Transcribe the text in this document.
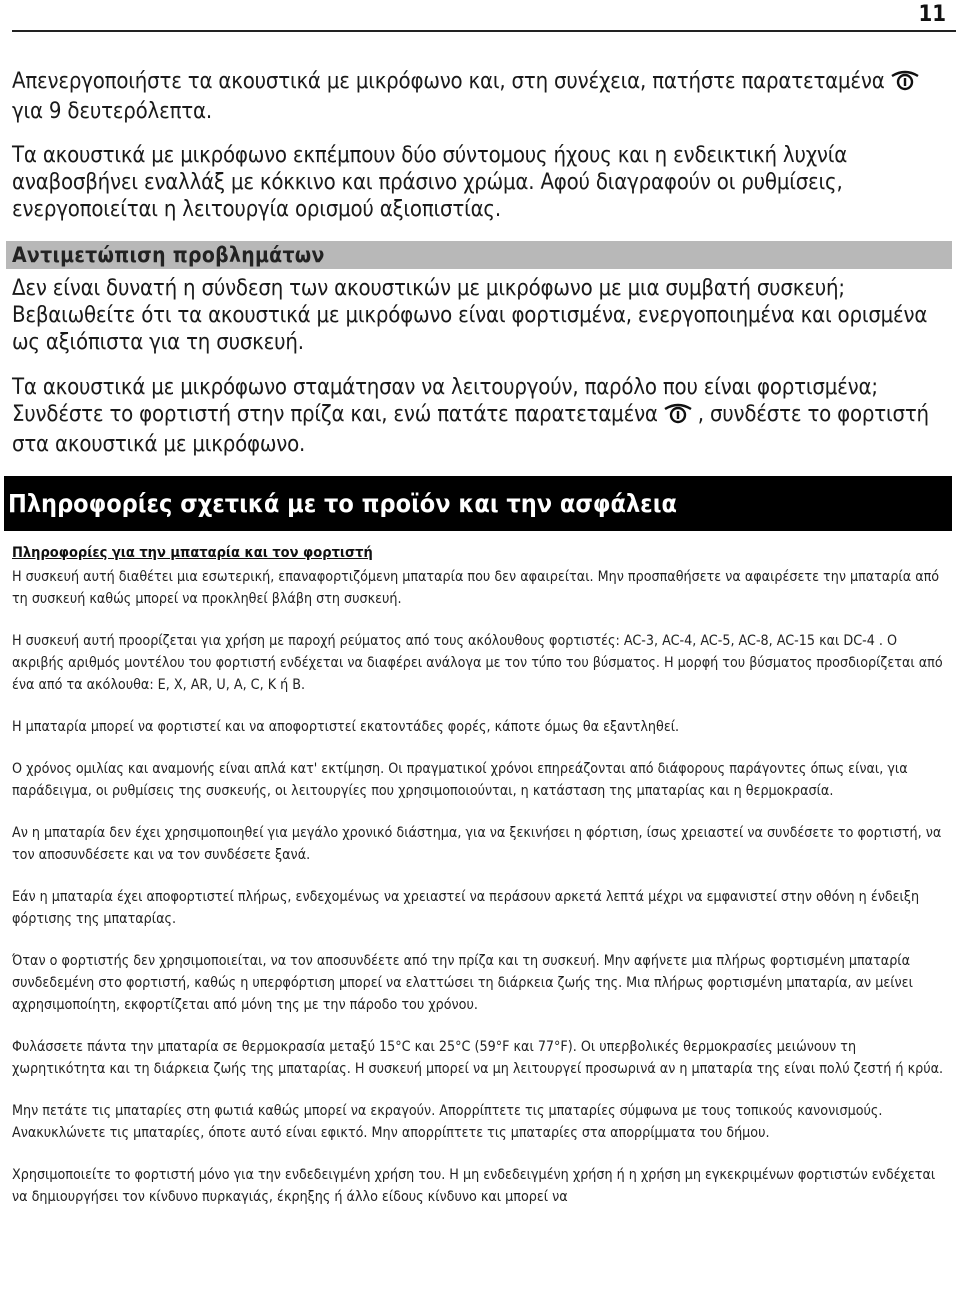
11

Απενεργοποιήστε τα ακουστικά με μικρόφωνο και, στη συνέχεια, πατήστε παρατεταμέναγια 9 δευτερόλεπτα.

Τα ακουστικά με μικρόφωνο εκπέμπουν δύο σύντομους ήχους και η ενδεικτική λυχνία αναβοσβήνει εναλλάξ με κόκκινο και πράσινο χρώμα. Αφού διαγραφούν οι ρυθμίσεις, ενεργοποιείται η λειτουργία ορισμού αξιοπιστίας.

Αντιμετώπιση προβλημάτων

Δεν είναι δυνατή η σύνδεση των ακουστικών με μικρόφωνο με μια συμβατή συσκευή; Βεβαιωθείτε ότι τα ακουστικά με μικρόφωνο είναι φορτισμένα, ενεργοποιημένα και ορισμένα ως αξιόπιστα για τη συσκευή.

Τα ακουστικά με μικρόφωνο σταμάτησαν να λειτουργούν, παρόλο που είναι φορτισμένα; Συνδέστε το φορτιστή στην πρίζα και, ενώ πατάτε παρατεταμένα , συνδέστε το φορτιστή στα ακουστικά με μικρόφωνο.

Πληροφορίες σχετικά με το προϊόν και την ασφάλεια
Πληροφορίες για την μπαταρία και τον φορτιστή

Η συσκευή αυτή διαθέτει μια εσωτερική, επαναφορτιζόμενη μπαταρία που δεν αφαιρείται. Μην προσπαθήσετε να αφαιρέσετε την μπαταρία από τη συσκευή καθώς μπορεί να προκληθεί βλάβη στη συσκευή.

Η συσκευή αυτή προορίζεται για χρήση με παροχή ρεύματος από τους ακόλουθους φορτιστές: AC-3, AC-4, AC-5, AC-8, AC-15 και DC-4 . Ο ακριβής αριθμός μοντέλου του φορτιστή ενδέχεται να διαφέρει ανάλογα με τον τύπο του βύσματος. Η μορφή του βύσματος προσδιορίζεται από ένα από τα ακόλουθα: E, X, AR, U, A, C, K ή B.

Η μπαταρία μπορεί να φορτιστεί και να αποφορτιστεί εκατοντάδες φορές, κάποτε όμως θα εξαντληθεί.

Ο χρόνος ομιλίας και αναμονής είναι απλά κατ' εκτίμηση. Οι πραγματικοί χρόνοι επηρεάζονται από διάφορους παράγοντες όπως είναι, για παράδειγμα, οι ρυθμίσεις της συσκευής, οι λειτουργίες που χρησιμοποιούνται, η κατάσταση της μπαταρίας και η θερμοκρασία.

Αν η μπαταρία δεν έχει χρησιμοποιηθεί για μεγάλο χρονικό διάστημα, για να ξεκινήσει η φόρτιση, ίσως χρειαστεί να συνδέσετε το φορτιστή, να τον αποσυνδέσετε και να τον συνδέσετε ξανά.

Εάν η μπαταρία έχει αποφορτιστεί πλήρως, ενδεχομένως να χρειαστεί να περάσουν αρκετά λεπτά μέχρι να εμφανιστεί στην οθόνη η ένδειξη φόρτισης της μπαταρίας.

Όταν ο φορτιστής δεν χρησιμοποιείται, να τον αποσυνδέετε από την πρίζα και τη συσκευή. Μην αφήνετε μια πλήρως φορτισμένη μπαταρία συνδεδεμένη στο φορτιστή, καθώς η υπερφόρτιση μπορεί να ελαττώσει τη διάρκεια ζωής της. Μια πλήρως φορτισμένη μπαταρία, αν μείνει αχρησιμοποίητη, εκφορτίζεται από μόνη της με την πάροδο του χρόνου.

Φυλάσσετε πάντα την μπαταρία σε θερμοκρασία μεταξύ 15°C και 25°C (59°F και 77°F). Οι υπερβολικές θερμοκρασίες μειώνουν τη χωρητικότητα και τη διάρκεια ζωής της μπαταρίας. Η συσκευή μπορεί να μη λειτουργεί προσωρινά αν η μπαταρία της είναι πολύ ζεστή ή κρύα.

Μην πετάτε τις μπαταρίες στη φωτιά καθώς μπορεί να εκραγούν. Απορρίπτετε τις μπαταρίες σύμφωνα με τους τοπικούς κανονισμούς. Ανακυκλώνετε τις μπαταρίες, όποτε αυτό είναι εφικτό. Μην απορρίπτετε τις μπαταρίες στα απορρίμματα του δήμου.

Χρησιμοποιείτε το φορτιστή μόνο για την ενδεδειγμένη χρήση του. Η μη ενδεδειγμένη χρήση ή η χρήση μη εγκεκριμένων φορτιστών ενδέχεται να δημιουργήσει τον κίνδυνο πυρκαγιάς, έκρηξης ή άλλο είδους κίνδυνο και μπορεί να
